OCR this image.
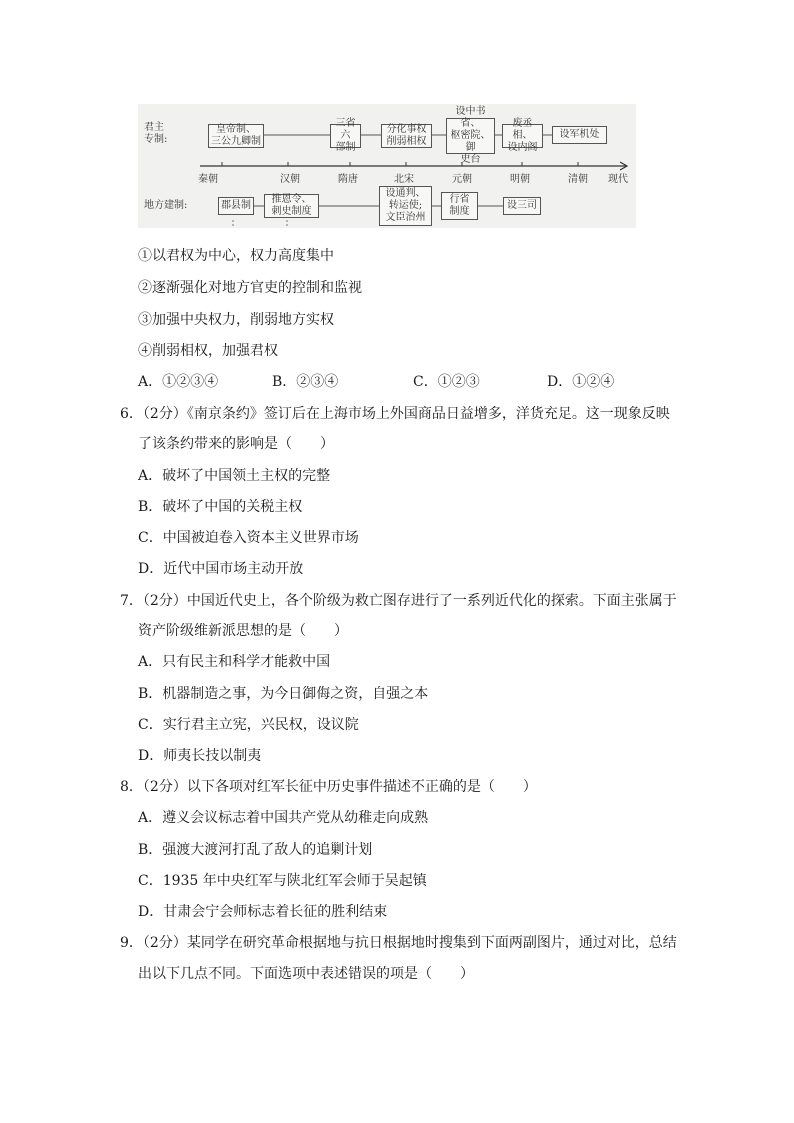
君主
专制:
地方建制:
皇帝制、
三公九卿制
三省六
部制
分化事权
削弱相权
设中书省、
枢密院、御
史台
废丞相、
设内阁
设军机处
秦朝	汉朝	隋唐	北宋	元朝	明朝	清朝 现代
郡县制
推恩令、
刺史制度
设通判、
转运使;
文臣治州
行省
制度
设三司
①以君权为中心，权力高度集中
②逐渐强化对地方官吏的控制和监视
③加强中央权力，削弱地方实权
④削弱相权，加强君权
A．①②③④	B．②③④	C．①②③	D．①②④
6．（2分）《南京条约》签订后在上海市场上外国商品日益增多，洋货充足。这一现象反映
了该条约带来的影响是（　　）
A．破坏了中国领土主权的完整
B．破坏了中国的关税主权
C．中国被迫卷入资本主义世界市场
D．近代中国市场主动开放
7．（2分）中国近代史上，各个阶级为救亡图存进行了一系列近代化的探索。下面主张属于
资产阶级维新派思想的是（　　）
A．只有民主和科学才能救中国
B．机器制造之事，为今日御侮之资，自强之本
C．实行君主立宪，兴民权，设议院
D．师夷长技以制夷
8．（2分）以下各项对红军长征中历史事件描述不正确的是（　　）
A．遵义会议标志着中国共产党从幼稚走向成熟
B．强渡大渡河打乱了敌人的追剿计划
C．1935 年中央红军与陕北红军会师于吴起镇
D．甘肃会宁会师标志着长征的胜利结束
9．（2分）某同学在研究革命根据地与抗日根据地时搜集到下面两副图片，通过对比，总结
出以下几点不同。下面选项中表述错误的项是（　　）
